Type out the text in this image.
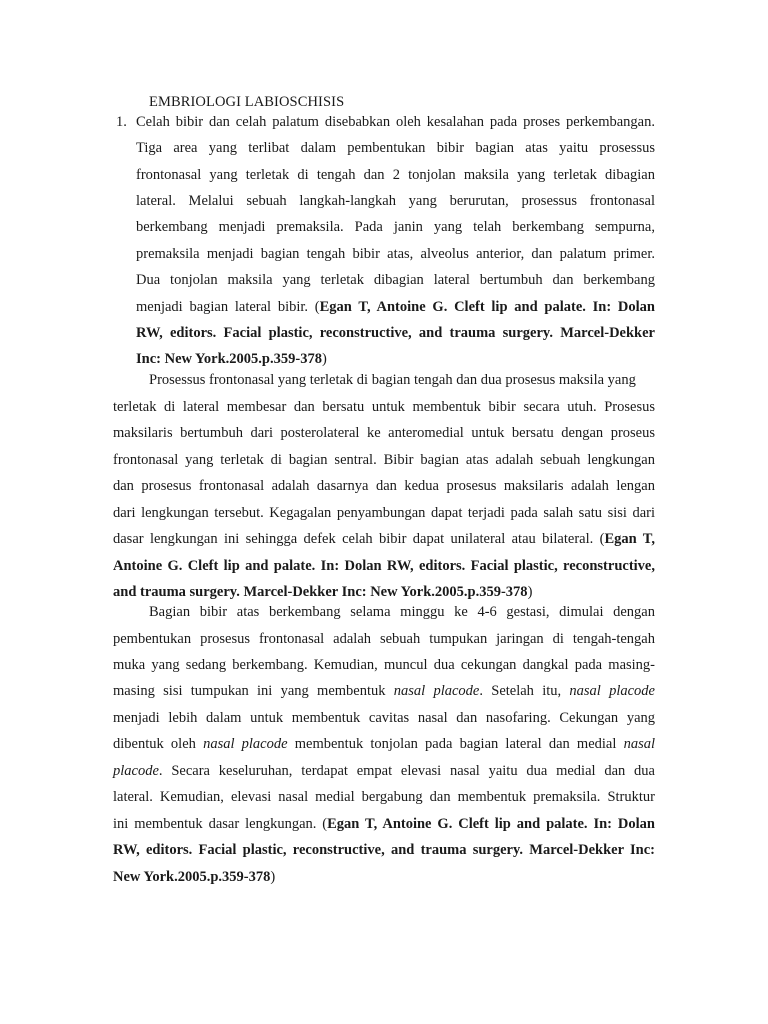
EMBRIOLOGI LABIOSCHISIS
1. Celah bibir dan celah palatum disebabkan oleh kesalahan pada proses perkembangan.
Tiga area yang terlibat dalam pembentukan bibir bagian atas yaitu prosessus
frontonasal yang terletak di tengah dan 2 tonjolan maksila yang terletak dibagian
lateral. Melalui sebuah langkah-langkah yang berurutan, prosessus frontonasal
berkembang menjadi premaksila. Pada janin yang telah berkembang sempurna,
premaksila menjadi bagian tengah bibir atas, alveolus anterior, dan palatum primer.
Dua tonjolan maksila yang terletak dibagian lateral bertumbuh dan berkembang
menjadi bagian lateral bibir. (Egan T, Antoine G. Cleft lip and palate. In: Dolan
RW, editors. Facial plastic, reconstructive, and trauma surgery. Marcel-Dekker
Inc: New York.2005.p.359-378)
Prosessus frontonasal yang terletak di bagian tengah dan dua prosesus maksila yang
terletak di lateral membesar dan bersatu untuk membentuk bibir secara utuh. Prosesus
maksilaris bertumbuh dari posterolateral ke anteromedial untuk bersatu dengan proseus
frontonasal yang terletak di bagian sentral. Bibir bagian atas adalah sebuah lengkungan
dan prosesus frontonasal adalah dasarnya dan kedua prosesus maksilaris adalah lengan
dari lengkungan tersebut. Kegagalan penyambungan dapat terjadi pada salah satu sisi dari
dasar lengkungan ini sehingga defek celah bibir dapat unilateral atau bilateral. (Egan T,
Antoine G. Cleft lip and palate. In: Dolan RW, editors. Facial plastic, reconstructive,
and trauma surgery. Marcel-Dekker Inc: New York.2005.p.359-378)
Bagian bibir atas berkembang selama minggu ke 4-6 gestasi, dimulai dengan
pembentukan prosesus frontonasal adalah sebuah tumpukan jaringan di tengah-tengah
muka yang sedang berkembang. Kemudian, muncul dua cekungan dangkal pada masing-
masing sisi tumpukan ini yang membentuk nasal placode. Setelah itu, nasal placode
menjadi lebih dalam untuk membentuk cavitas nasal dan nasofaring. Cekungan yang
dibentuk oleh nasal placode membentuk tonjolan pada bagian lateral dan medial nasal
placode. Secara keseluruhan, terdapat empat elevasi nasal yaitu dua medial dan dua
lateral. Kemudian, elevasi nasal medial bergabung dan membentuk premaksila. Struktur
ini membentuk dasar lengkungan. (Egan T, Antoine G. Cleft lip and palate. In: Dolan
RW, editors. Facial plastic, reconstructive, and trauma surgery. Marcel-Dekker Inc:
New York.2005.p.359-378)
